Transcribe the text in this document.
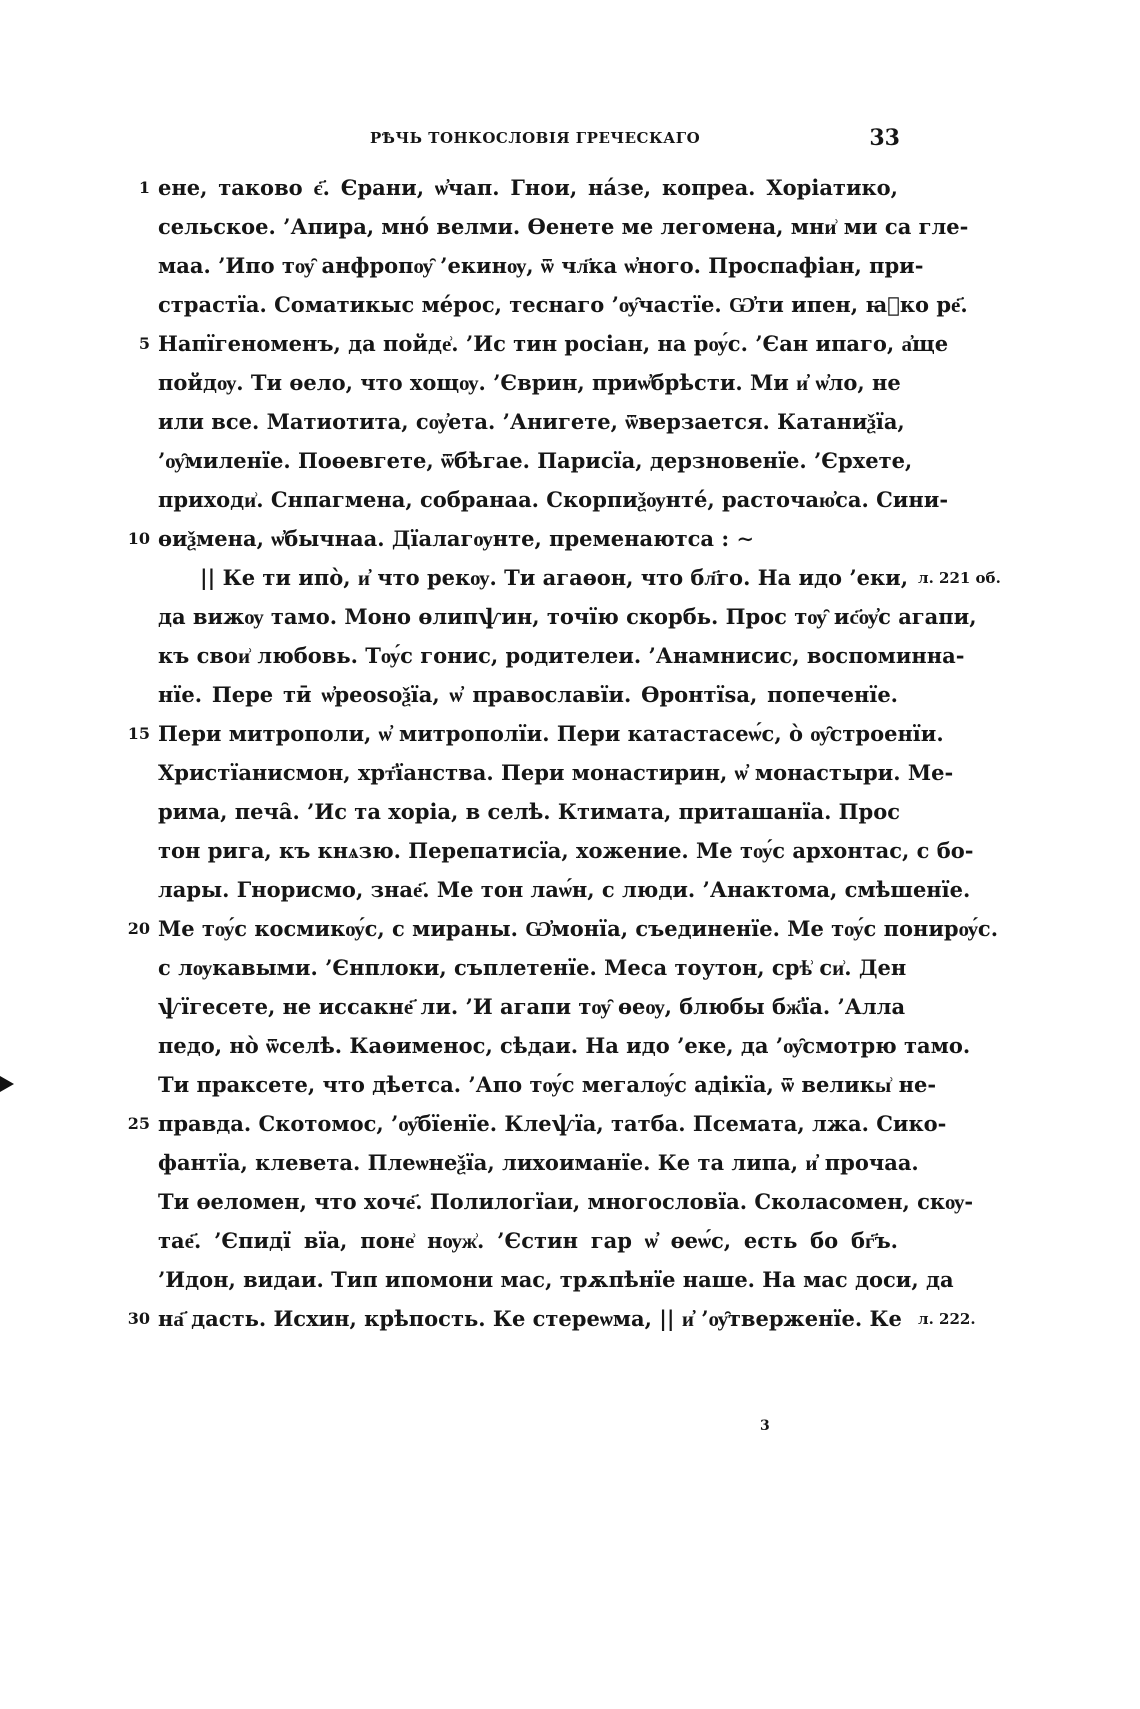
РѢЧЬ ТОНКОСЛОВІЯ ГРЕЧЕСКАГО	33
ене, таково є҃. Єрани, ѡ҆чап. Гнои, на́зе, копреа. Хоріатико,
сельское. ’Апира, мно́ велми. Өенете ме легомена, мни͗ ми са гле-
маа. ’Ипо тѹ̑ анфропѹ̑ ’екинѹ, ѿ чл҃ка ѡ҆ного. Проспафіан, при-
страстїа. Соматикыс ме́рос, теснаго ’ѹ̑частїе. Ѡ҆ти ипен, ꙗ҆ко ре҃.
Напїгеноменъ, да пойде͗. ’Ис тин росіан, на рѹ́с. ’Єан ипаго, а҆ще
пойдѹ. Ти өело, что хощѹ. ’Єврин, приѡ҆брѣсти. Ми и҆ ѡ҆ло, не
или все. Матиотита, сѹ҆ета. ’Анигете, ѿверзается. Катаниѯїа,
’ѹ̑миленїе. Поөевгете, ѿбѣгае. Парисїа, дерзновенїе. ’Єрхете,
приходи͗. Снпагмена, собранаа. Скорпиѯѹнте́, расточаю҆са. Сини-
өиѯмена, ѡ҆бычнаа. Дїалагѹнте, пременаютса : ∼
|| Ке ти ипо̀, и҆ что рекѹ. Ти агаөон, что бл҃го. На идо ’еки,
да вижѹ тамо. Моно өлипѱин, точїю скорбь. Прос тѹ̑ ис҃ѹ҆с агапи,
къ свои͗ любовь. Тѹ́с гонис, родителеи. ’Анамнисис, воспоминна-
нїе. Пере тӣ ѡ҆реоѕоѯїа, ѡ҆ православїи. Өронтїѕа, попеченїе.
Пери митрополи, ѡ҆ митрополїи. Пери катастасеѡ́с, о̀ ѹ̑строенїи.
Христїанисмон, хрт҃їанства. Пери монастирин, ѡ҆ монастыри. Ме-
рима, печа̑. ’Ис та хоріа, в селѣ. Ктимата, приташанїа. Прос
тон рига, къ кнѧзю. Перепатисїа, хожение. Ме тѹ́с архонтас, с бо-
лары. Гнорисмо, знае҃. Ме тон лаѡ́н, с люди. ’Анактома, смѣшенїе.
Ме тѹ́с космикѹ́с, с мираны. Ѡ҆монїа, съединенїе. Ме тѹ́с понирѹ́с.
с лѹкавыми. ’Єнплоки, съплетенїе. Меса тоутон, срѣ͗ си͗. Ден
ѱїгесете, не иссакне҃ ли. ’И агапи тѹ̑ өеѹ, блюбы бж҃їа. ’Алла
педо, но̀ ѿселѣ. Каөименос, сѣдаи. На идо ’еке, да ’ѹ̑смотрю тамо.
Ти праксете, что дѣетса. ’Апо тѹ́с мегалѹ́с адікїа, ѿ великы͗ не-
правда. Скотомос, ’ѹ̑бїенїе. Клеѱїа, татба. Псемата, лжа. Сико-
фантїа, клевета. Плеѡнеѯїа, лихоиманїе. Ке та липа, и҆ прочаа.
Ти өеломен, что хоче҃. Полилогїаи, многословїа. Сколасомен, скѹ-
тае҃. ’Єпидї вїа, поне͗ нѹж͗. ’Єстин гар ѡ҆ өеѡ́с, есть бо бг҃ъ.
’Идон, видаи. Тип ипомони мас, трѫпѣнїе наше. На мас доси, да
на҃ дасть. Исхин, крѣпость. Ке стереѡма, || и҆ ’ѹ̑тверженїе. Ке
1
5
10
15
20
25
30
л. 221 об.
л. 222.
3
